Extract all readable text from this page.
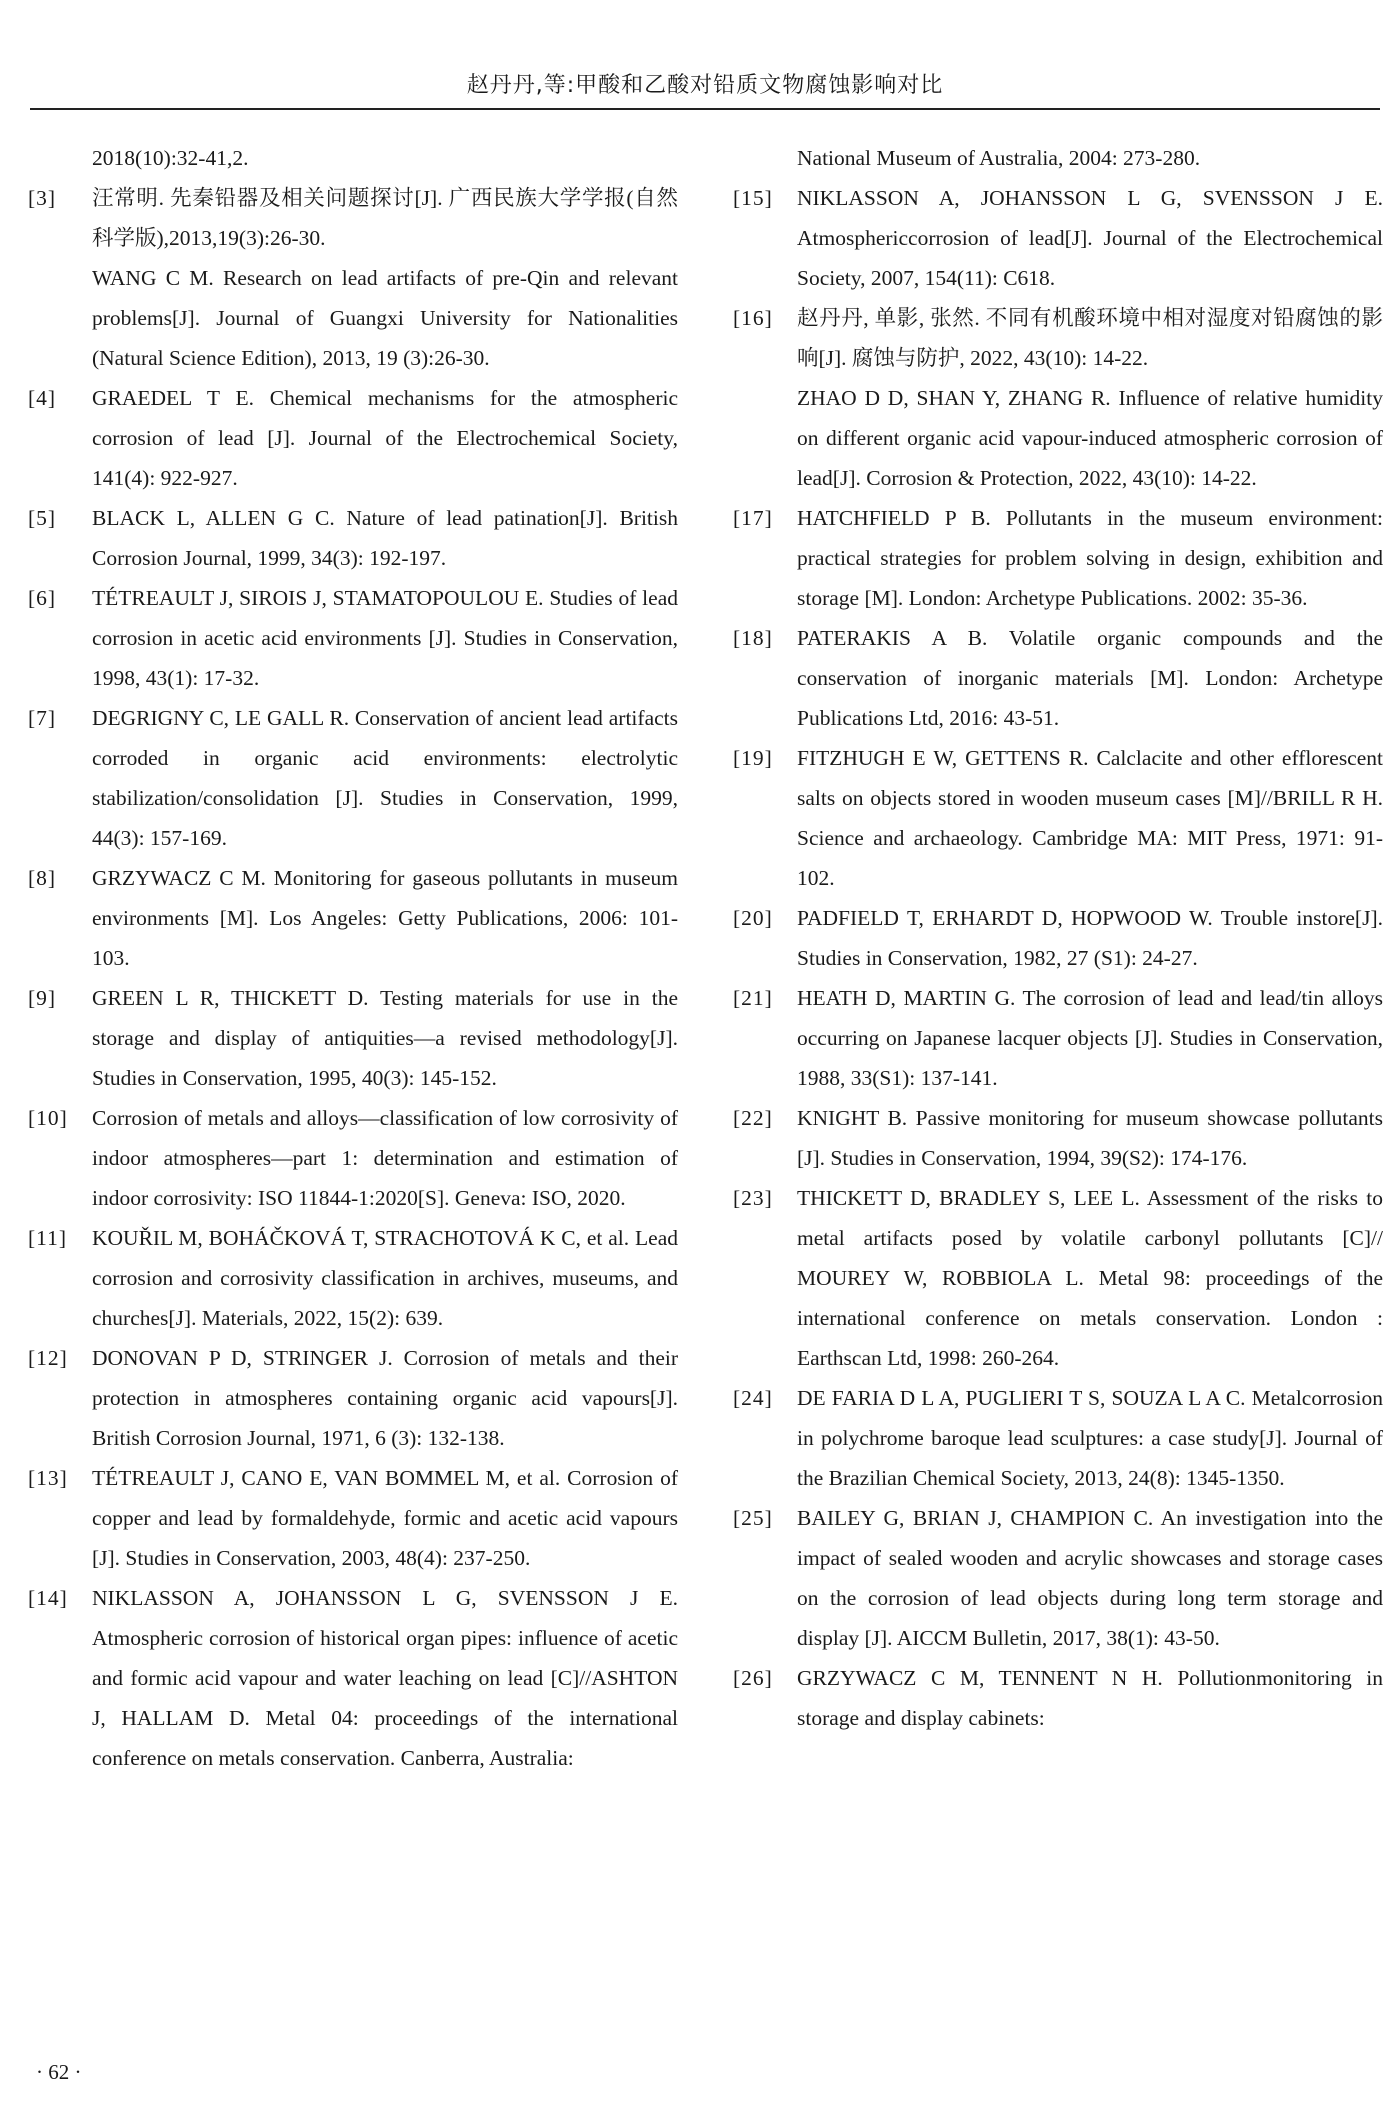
赵丹丹,等:甲酸和乙酸对铅质文物腐蚀影响对比
2018(10):32-41,2.
[3] 汪常明. 先秦铅器及相关问题探讨[J]. 广西民族大学学报(自然科学版),2013,19(3):26-30.
WANG C M. Research on lead artifacts of pre-Qin and relevant problems[J]. Journal of Guangxi University for Nationalities (Natural Science Edition), 2013, 19 (3):26-30.
[4] GRAEDEL T E. Chemical mechanisms for the atmospheric corrosion of lead [J]. Journal of the Electrochemical Society, 141(4): 922-927.
[5] BLACK L, ALLEN G C. Nature of lead patination[J]. British Corrosion Journal, 1999, 34(3): 192-197.
[6] TÉTREAULT J, SIROIS J, STAMATOPOULOU E. Studies of lead corrosion in acetic acid environments [J]. Studies in Conservation, 1998, 43(1): 17-32.
[7] DEGRIGNY C, LE GALL R. Conservation of ancient lead artifacts corroded in organic acid environments: electrolytic stabilization/consolidation [J]. Studies in Conservation, 1999, 44(3): 157-169.
[8] GRZYWACZ C M. Monitoring for gaseous pollutants in museum environments [M]. Los Angeles: Getty Publications, 2006: 101-103.
[9] GREEN L R, THICKETT D. Testing materials for use in the storage and display of antiquities—a revised methodology[J]. Studies in Conservation, 1995, 40(3): 145-152.
[10] Corrosion of metals and alloys—classification of low corrosivity of indoor atmospheres—part 1: determination and estimation of indoor corrosivity: ISO 11844-1:2020[S]. Geneva: ISO, 2020.
[11] KOUŘIL M, BOHÁČKOVÁ T, STRACHOTOVÁ K C, et al. Lead corrosion and corrosivity classification in archives, museums, and churches[J]. Materials, 2022, 15(2): 639.
[12] DONOVAN P D, STRINGER J. Corrosion of metals and their protection in atmospheres containing organic acid vapours[J]. British Corrosion Journal, 1971, 6 (3): 132-138.
[13] TÉTREAULT J, CANO E, VAN BOMMEL M, et al. Corrosion of copper and lead by formaldehyde, formic and acetic acid vapours [J]. Studies in Conservation, 2003, 48(4): 237-250.
[14] NIKLASSON A, JOHANSSON L G, SVENSSON J E. Atmospheric corrosion of historical organ pipes: influence of acetic and formic acid vapour and water leaching on lead [C]//ASHTON J, HALLAM D. Metal 04: proceedings of the international conference on metals conservation. Canberra, Australia:
National Museum of Australia, 2004: 273-280.
[15] NIKLASSON A, JOHANSSON L G, SVENSSON J E. Atmosphericcorrosion of lead[J]. Journal of the Electrochemical Society, 2007, 154(11): C618.
[16] 赵丹丹, 单影, 张然. 不同有机酸环境中相对湿度对铅腐蚀的影响[J]. 腐蚀与防护, 2022, 43(10): 14-22.
ZHAO D D, SHAN Y, ZHANG R. Influence of relative humidity on different organic acid vapour-induced atmospheric corrosion of lead[J]. Corrosion & Protection, 2022, 43(10): 14-22.
[17] HATCHFIELD P B. Pollutants in the museum environment: practical strategies for problem solving in design, exhibition and storage [M]. London: Archetype Publications. 2002: 35-36.
[18] PATERAKIS A B. Volatile organic compounds and the conservation of inorganic materials [M]. London: Archetype Publications Ltd, 2016: 43-51.
[19] FITZHUGH E W, GETTENS R. Calclacite and other efflorescent salts on objects stored in wooden museum cases [M]//BRILL R H. Science and archaeology. Cambridge MA: MIT Press, 1971: 91-102.
[20] PADFIELD T, ERHARDT D, HOPWOOD W. Trouble instore[J]. Studies in Conservation, 1982, 27 (S1): 24-27.
[21] HEATH D, MARTIN G. The corrosion of lead and lead/tin alloys occurring on Japanese lacquer objects [J]. Studies in Conservation, 1988, 33(S1): 137-141.
[22] KNIGHT B. Passive monitoring for museum showcase pollutants [J]. Studies in Conservation, 1994, 39(S2): 174-176.
[23] THICKETT D, BRADLEY S, LEE L. Assessment of the risks to metal artifacts posed by volatile carbonyl pollutants [C]// MOUREY W, ROBBIOLA L. Metal 98: proceedings of the international conference on metals conservation. London : Earthscan Ltd, 1998: 260-264.
[24] DE FARIA D L A, PUGLIERI T S, SOUZA L A C. Metalcorrosion in polychrome baroque lead sculptures: a case study[J]. Journal of the Brazilian Chemical Society, 2013, 24(8): 1345-1350.
[25] BAILEY G, BRIAN J, CHAMPION C. An investigation into the impact of sealed wooden and acrylic showcases and storage cases on the corrosion of lead objects during long term storage and display [J]. AICCM Bulletin, 2017, 38(1): 43-50.
[26] GRZYWACZ C M, TENNENT N H. Pollutionmonitoring in storage and display cabinets:
· 62 ·
